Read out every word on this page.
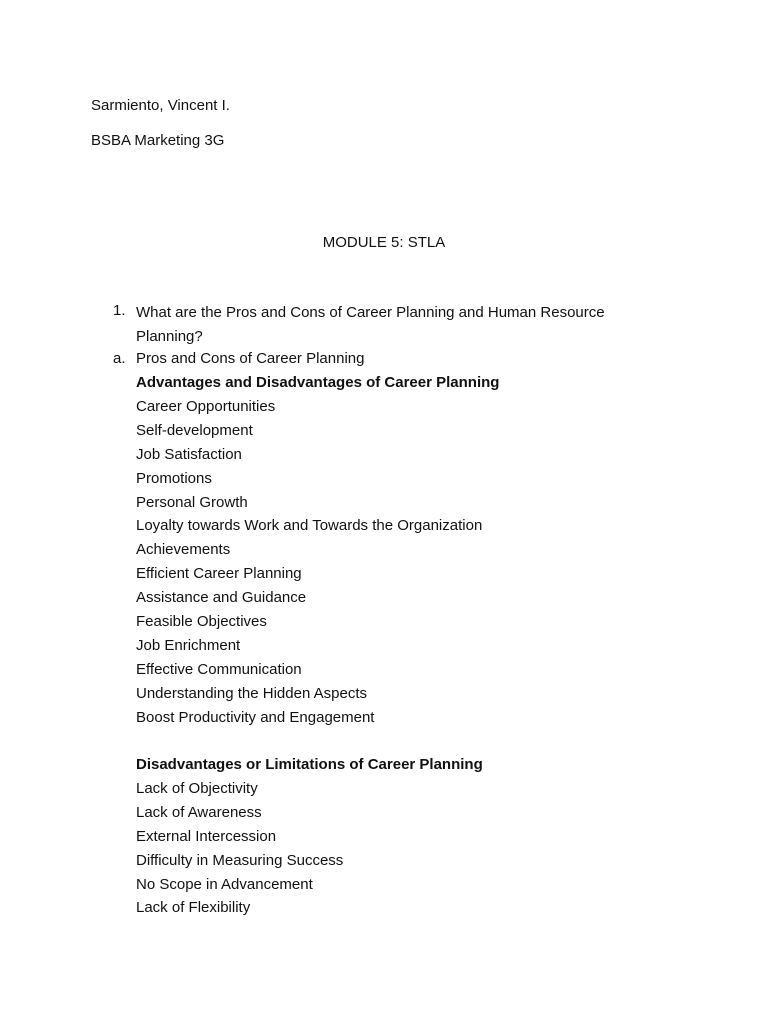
Sarmiento, Vincent I.
BSBA Marketing 3G
MODULE 5: STLA
1. What are the Pros and Cons of Career Planning and Human Resource Planning?
a. Pros and Cons of Career Planning
Advantages and Disadvantages of Career Planning
Career Opportunities
Self-development
Job Satisfaction
Promotions
Personal Growth
Loyalty towards Work and Towards the Organization
Achievements
Efficient Career Planning
Assistance and Guidance
Feasible Objectives
Job Enrichment
Effective Communication
Understanding the Hidden Aspects
Boost Productivity and Engagement
Disadvantages or Limitations of Career Planning
Lack of Objectivity
Lack of Awareness
External Intercession
Difficulty in Measuring Success
No Scope in Advancement
Lack of Flexibility
